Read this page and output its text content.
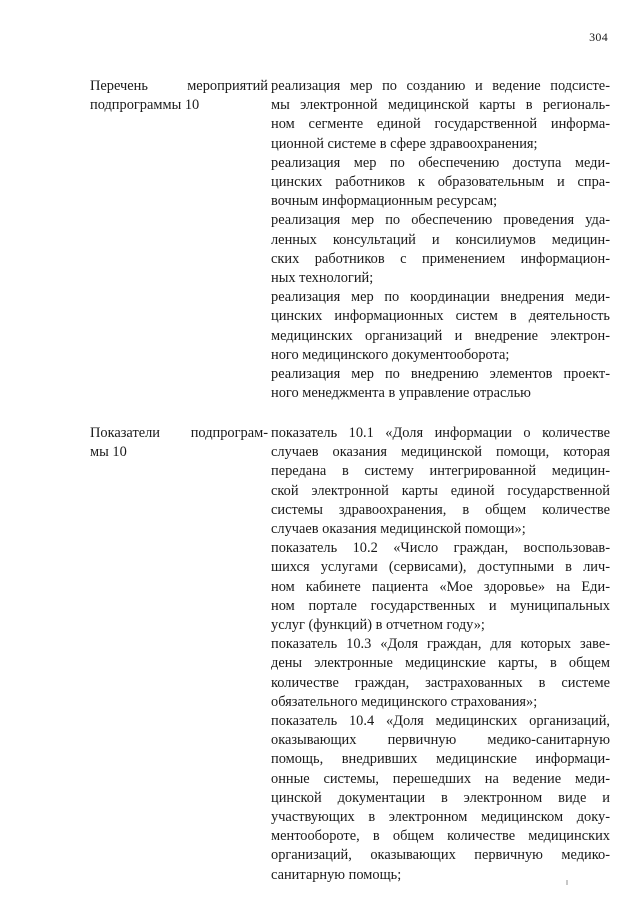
304
Перечень	мероприятий
подпрограммы 10
реализация мер по созданию и ведение подсисте-
мы электронной медицинской карты в региональ-
ном сегменте единой государственной информа-
ционной системе в сфере здравоохранения;
реализация мер по обеспечению доступа меди-
цинских работников к образовательным и спра-
вочным информационным ресурсам;
реализация мер по обеспечению проведения уда-
ленных консультаций и консилиумов медицин-
ских работников с применением информацион-
ных технологий;
реализация мер по координации внедрения меди-
цинских информационных систем в деятельность
медицинских организаций и внедрение электрон-
ного медицинского документооборота;
реализация мер по внедрению элементов проект-
ного менеджмента в управление отраслью
Показатели подпрограм-
мы 10
показатель 10.1 «Доля информации о количестве
случаев оказания медицинской помощи, которая
передана в систему интегрированной медицин-
ской электронной карты единой государственной
системы здравоохранения, в общем количестве
случаев оказания медицинской помощи»;
показатель 10.2 «Число граждан, воспользовав-
шихся услугами (сервисами), доступными в лич-
ном кабинете пациента «Мое здоровье» на Еди-
ном портале государственных и муниципальных
услуг (функций) в отчетном году»;
показатель 10.3 «Доля граждан, для которых заве-
дены электронные медицинские карты, в общем
количестве граждан, застрахованных в системе
обязательного медицинского страхования»;
показатель 10.4 «Доля медицинских организаций,
оказывающих первичную медико-санитарную
помощь, внедривших медицинские информаци-
онные системы, перешедших на ведение меди-
цинской документации в электронном виде и
участвующих в электронном медицинском доку-
ментообороте, в общем количестве медицинских
организаций, оказывающих первичную медико-
санитарную помощь;
